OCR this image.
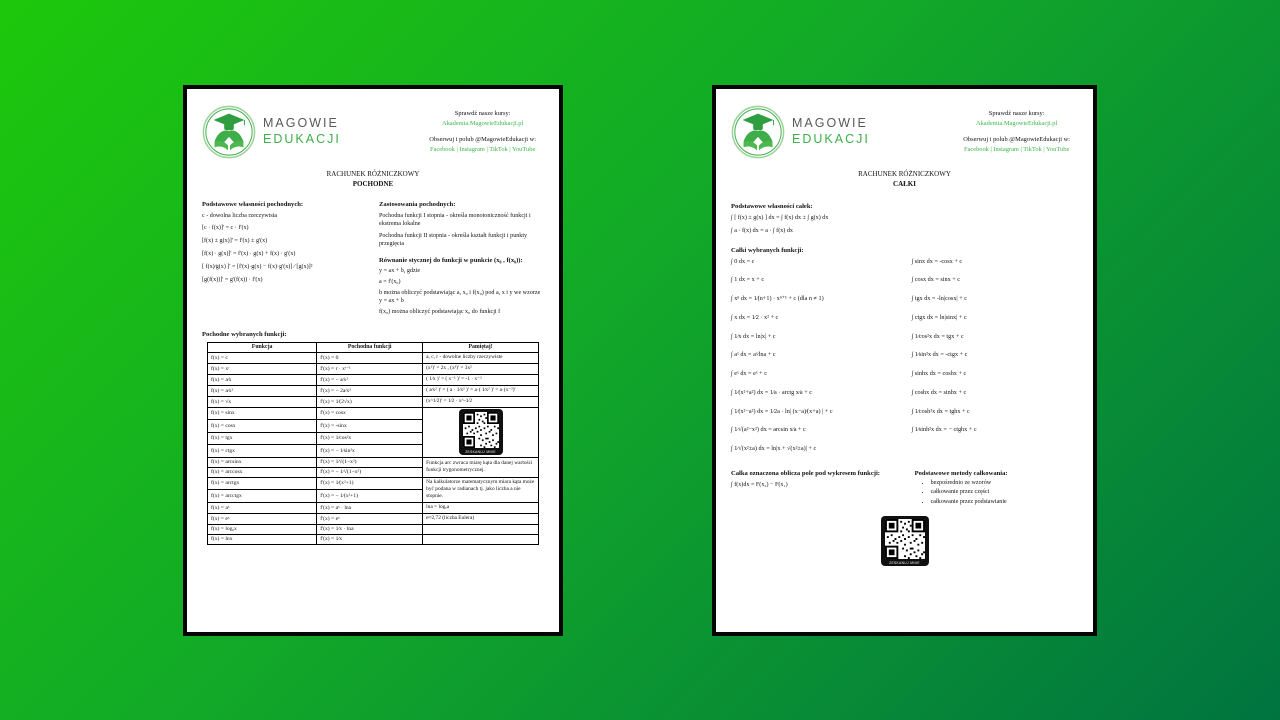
MAGOWIE
EDUKACJI
Sprawdź nasze kursy:
Akademia.MagowieEdukacji.pl
Obserwuj i polub @MagowieEdukacji w:
Facebook | Instagram | TikTok | YouTube
RACHUNEK RÓŻNICZKOWY
POCHODNE
Podstawowe własności pochodnych:
c - dowolna liczba rzeczywista
[c · f(x)]' = c · f'(x)
[f(x) ± g(x)]' = f'(x) ± g'(x)
[f(x) · g(x)]' = f'(x) · g(x) + f(x) · g'(x)
[ f(x)∕g(x) ]' = [f'(x)·g(x) − f(x)·g'(x)] ∕ [g(x)]²
[g(f(x))]' = g'(f(x)) · f'(x)
Zastosowania pochodnych:
Pochodna funkcji I stopnia - określa monotoniczność funkcji i ekstrema lokalne
Pochodna funkcji II stopnia - określa kształt funkcji i punkty przegięcia
Równanie stycznej do funkcji w punkcie (x₀ , f(x₀)):
y = ax + b, gdzie
a = f'(x₀)
b można obliczyć podstawiając a, x₀ i f(x₀) pod a, x i y we wzorze y = ax + b
f(x₀) można obliczyć podstawiając x₀ do funkcji f
Pochodne wybranych funkcji:
Funkcja	Pochodna funkcji	Pamiętaj!
f(x) = c	f'(x) = 0	a, c, r - dowolne liczby rzeczywiste
f(x) = xʳ	f'(x) = r · xʳ⁻¹	(x²)' = 2x , (x³)' = 3x²
f(x) = a∕x	f'(x) = − a∕x²	( 1∕x )' = ( x⁻¹ )' = -1 · x⁻²
f(x) = a∕x²	f'(x) = − 2a∕x³	( a∕x² )' = ( a · 1∕x² )' = a·( 1∕x² )' = a·(x⁻²)'
f(x) = √x	f'(x) = 1∕(2√x)	(x^1∕2)' = 1∕2 · x^-1∕2
f(x) = sinx	f'(x) = cosx	ZESKANUJ MNIE

f(x) = cosx	f'(x) = -sinx	
f(x) = tgx	f'(x) = 1∕cos²x	
f(x) = ctgx	f'(x) = − 1∕sin²x	
f(x) = arcsinx	f'(x) = 1∕√(1−x²)	Funkcja arc zwraca miarę kąta dla danej wartości funkcji trygonometrycznej.
f(x) = arccosx	f'(x) = − 1∕√(1−x²)	
f(x) = arctgx	f'(x) = 1∕(x²+1)	Na kalkulatorze matematycznym miara kąta może być podana w radianach tj. jako liczba a nie stopnie.
f(x) = arcctgx	f'(x) = − 1∕(x²+1)	
f(x) = aˣ	f'(x) = aˣ · lna	lna = logₑa
f(x) = eˣ	f'(x) = eˣ	e≈2,72 (liczba Eulera)
f(x) = logₐx	f'(x) = 1∕x · lna	
f(x) = lnx	f'(x) = 1∕x	
MAGOWIE
EDUKACJI
Sprawdź nasze kursy:
Akademia.MagowieEdukacji.pl
Obserwuj i polub @MagowieEdukacji w:
Facebook | Instagram | TikTok | YouTube
RACHUNEK RÓŻNICZKOWY
CAŁKI
Podstawowe własności całek:
∫ [ f(x) ± g(x) ] dx = ∫ f(x) dx ± ∫ g(x) dx
∫ a · f(x) dx = a · ∫ f(x) dx
Całki wybranych funkcji:
∫ 0 dx = c
∫ 1 dx = x + c
∫ xⁿ dx = 1∕(n+1) · xⁿ⁺¹ + c (dla n ≠ 1)
∫ x dx = 1∕2 · x² + c
∫ 1∕x dx = ln|x| + c
∫ aˣ dx = aˣ∕lna + c
∫ eˣ dx = eˣ + c
∫ 1∕(x²+a²) dx = 1∕a · arctg x∕a + c
∫ 1∕(x²−a²) dx = 1∕2a · ln| (x−a)∕(x+a) | + c
∫ 1∕√(a²−x²) dx = arcsin x∕a + c
∫ 1∕√(x²±a) dx = ln|x + √(x²±a)| + c
∫ sinx dx = -cosx + c
∫ cosx dx = sinx + c
∫ tgx dx = -ln|cosx| + c
∫ ctgx dx = ln|sinx| + c
∫ 1∕cos²x dx = tgx + c
∫ 1∕sin²x dx = -ctgx + c
∫ sinhx dx = coshx + c
∫ coshx dx = sinhx + c
∫ 1∕cosh²x dx = tghx + c
∫ 1∕sinh²x dx = − ctghx + c
Całka oznaczona oblicza pole pod wykresem funkcji:
∫ f(x)dx = F(x₂) − F(x₁)
Podstawowe metody całkowania:
• bezpośrednio ze wzorów
• całkowanie przez części
• całkowanie przez podstawianie
ZESKANUJ MNIE
